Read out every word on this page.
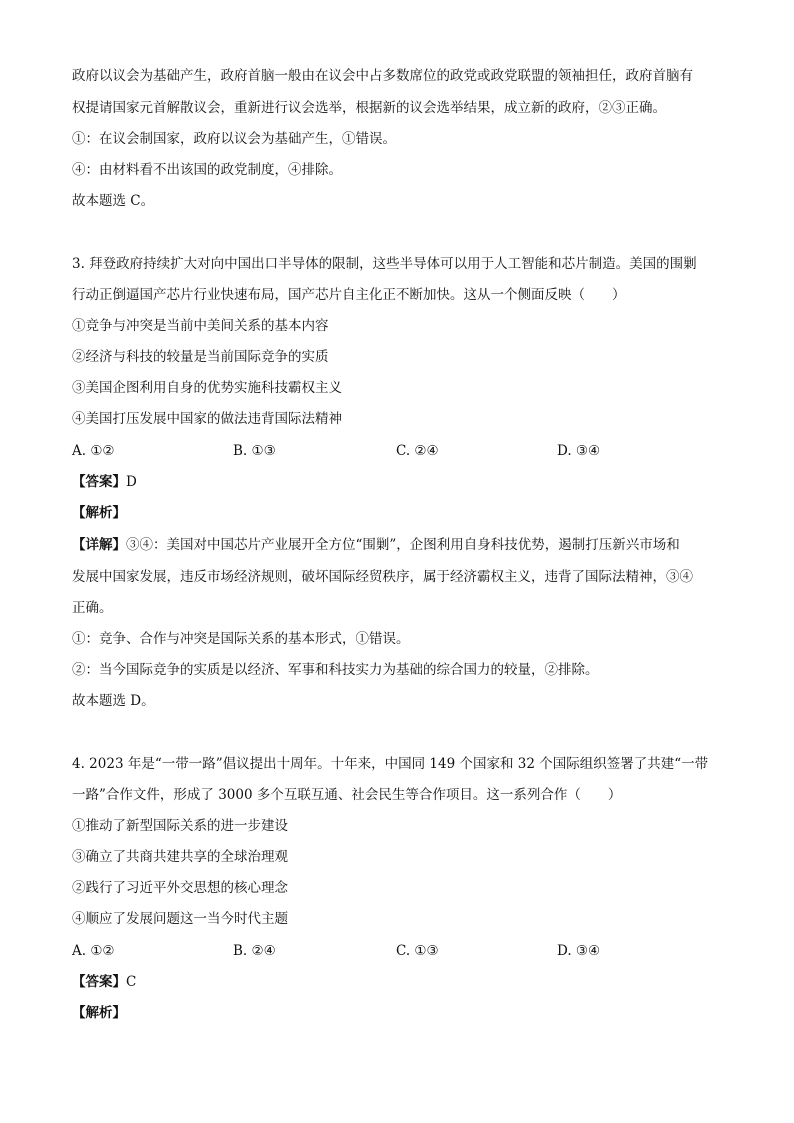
政府以议会为基础产生，政府首脑一般由在议会中占多数席位的政党或政党联盟的领袖担任，政府首脑有
权提请国家元首解散议会，重新进行议会选举，根据新的议会选举结果，成立新的政府，②③正确。
①：在议会制国家，政府以议会为基础产生，①错误。
④：由材料看不出该国的政党制度，④排除。
故本题选 C。
3. 拜登政府持续扩大对向中国出口半导体的限制，这些半导体可以用于人工智能和芯片制造。美国的围剿
行动正倒逼国产芯片行业快速布局，国产芯片自主化正不断加快。这从一个侧面反映（　　）
①竞争与冲突是当前中美间关系的基本内容
②经济与科技的较量是当前国际竞争的实质
③美国企图利用自身的优势实施科技霸权主义
④美国打压发展中国家的做法违背国际法精神
A. ①②	B. ①③	C. ②④	D. ③④
【答案】D
【解析】
【详解】③④：美国对中国芯片产业展开全方位“围剿”，企图利用自身科技优势，遏制打压新兴市场和
发展中国家发展，违反市场经济规则，破坏国际经贸秩序，属于经济霸权主义，违背了国际法精神，③④
正确。
①：竞争、合作与冲突是国际关系的基本形式，①错误。
②：当今国际竞争的实质是以经济、军事和科技实力为基础的综合国力的较量，②排除。
故本题选 D。
4. 2023 年是“一带一路”倡议提出十周年。十年来，中国同 149 个国家和 32 个国际组织签署了共建“一带
一路”合作文件，形成了 3000 多个互联互通、社会民生等合作项目。这一系列合作（　　）
①推动了新型国际关系的进一步建设
③确立了共商共建共享的全球治理观
②践行了习近平外交思想的核心理念
④顺应了发展问题这一当今时代主题
A. ①②	B. ②④	C. ①③	D. ③④
【答案】C
【解析】
